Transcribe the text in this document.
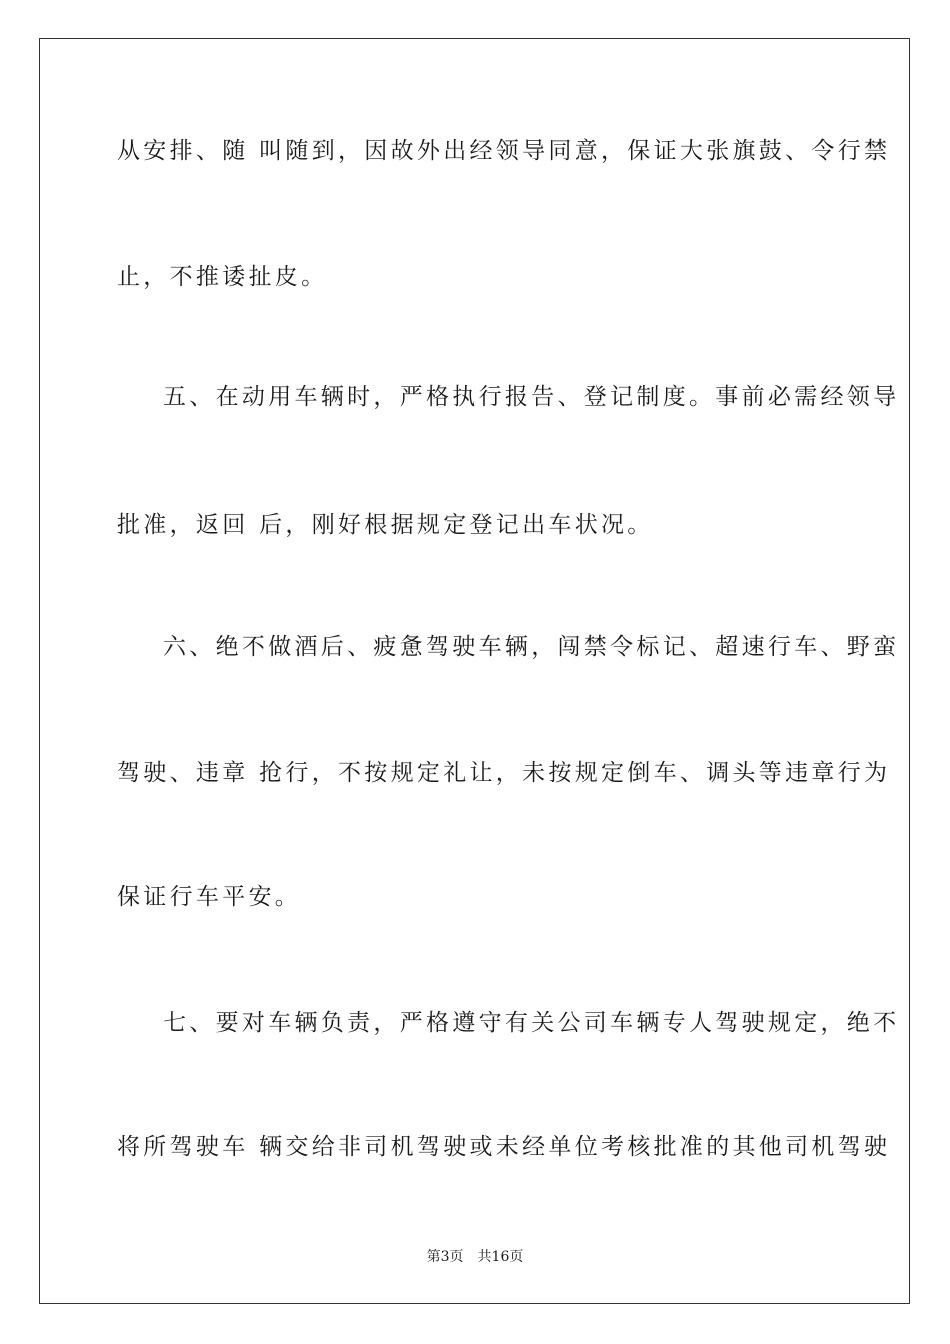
从安排、随 叫随到，因故外出经领导同意，保证大张旗鼓、令行禁
止，不推诿扯皮。
五、在动用车辆时，严格执行报告、登记制度。事前必需经领导
批准，返回 后，刚好根据规定登记出车状况。
六、绝不做酒后、疲惫驾驶车辆，闯禁令标记、超速行车、野蛮
驾驶、违章 抢行，不按规定礼让，未按规定倒车、调头等违章行为
保证行车平安。
七、要对车辆负责，严格遵守有关公司车辆专人驾驶规定，绝不
将所驾驶车 辆交给非司机驾驶或未经单位考核批准的其他司机驾驶
第3页 共16页
